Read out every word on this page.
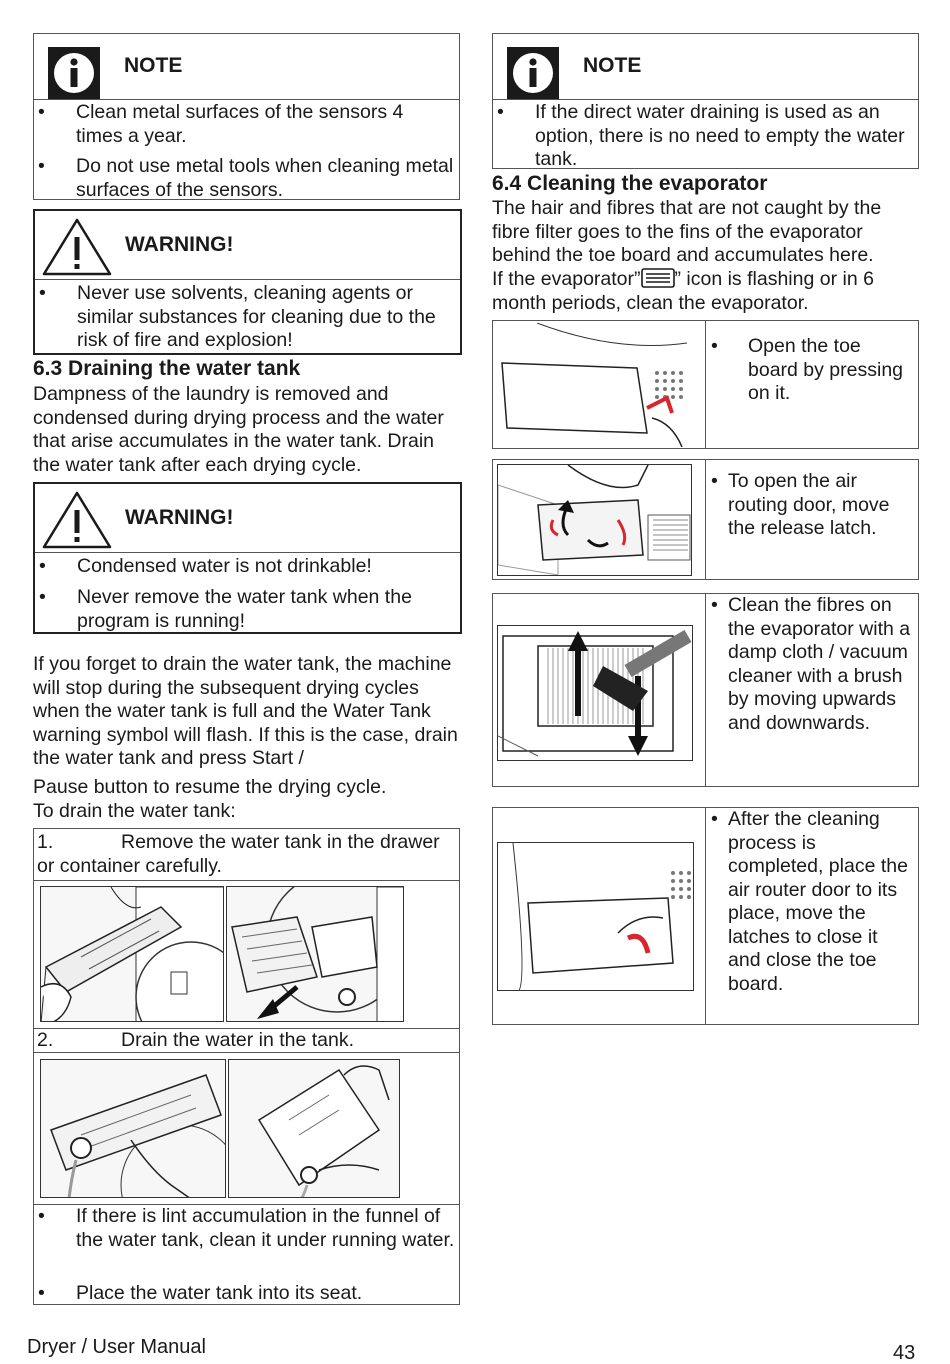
NOTE
• Clean metal surfaces of the sensors 4 times a year.
• Do not use metal tools when cleaning metal surfaces of the sensors.
WARNING!
• Never use solvents, cleaning agents or similar substances for cleaning due to the risk of fire and explosion!
6.3 Draining the water tank
Dampness of the laundry is removed and condensed during drying process and the water that arise accumulates in the water tank. Drain the water tank after each drying cycle.
WARNING!
• Condensed water is not drinkable!
• Never remove the water tank when the program is running!
If you forget to drain the water tank, the machine will stop during the subsequent drying cycles when the water tank is full and the Water Tank warning symbol will flash. If this is the case, drain the water tank and press Start /
Pause button to resume the drying cycle.
To drain the water tank:
1.	Remove the water tank in the drawer or container carefully.
2.	Drain the water in the tank.
• If there is lint accumulation in the funnel of the water tank, clean it under running water.
• Place the water tank into its seat.
NOTE
• If the direct water draining is used as an option, there is no need to empty the water tank.
6.4 Cleaning the evaporator
The hair and fibres that are not caught by the fibre filter goes to the fins of the evaporator behind the toe board and accumulates here.
If the evaporator” ” icon is flashing or in 6 month periods, clean the evaporator.
• Open the toe board by pressing on it.
• To open the air routing door, move the release latch.
• Clean the fibres on the evaporator with a damp cloth / vacuum cleaner with a brush by moving upwards and downwards.
• After the cleaning process is completed, place the air router door to its place, move the latches to close it and close the toe board.
Dryer / User Manual	43
